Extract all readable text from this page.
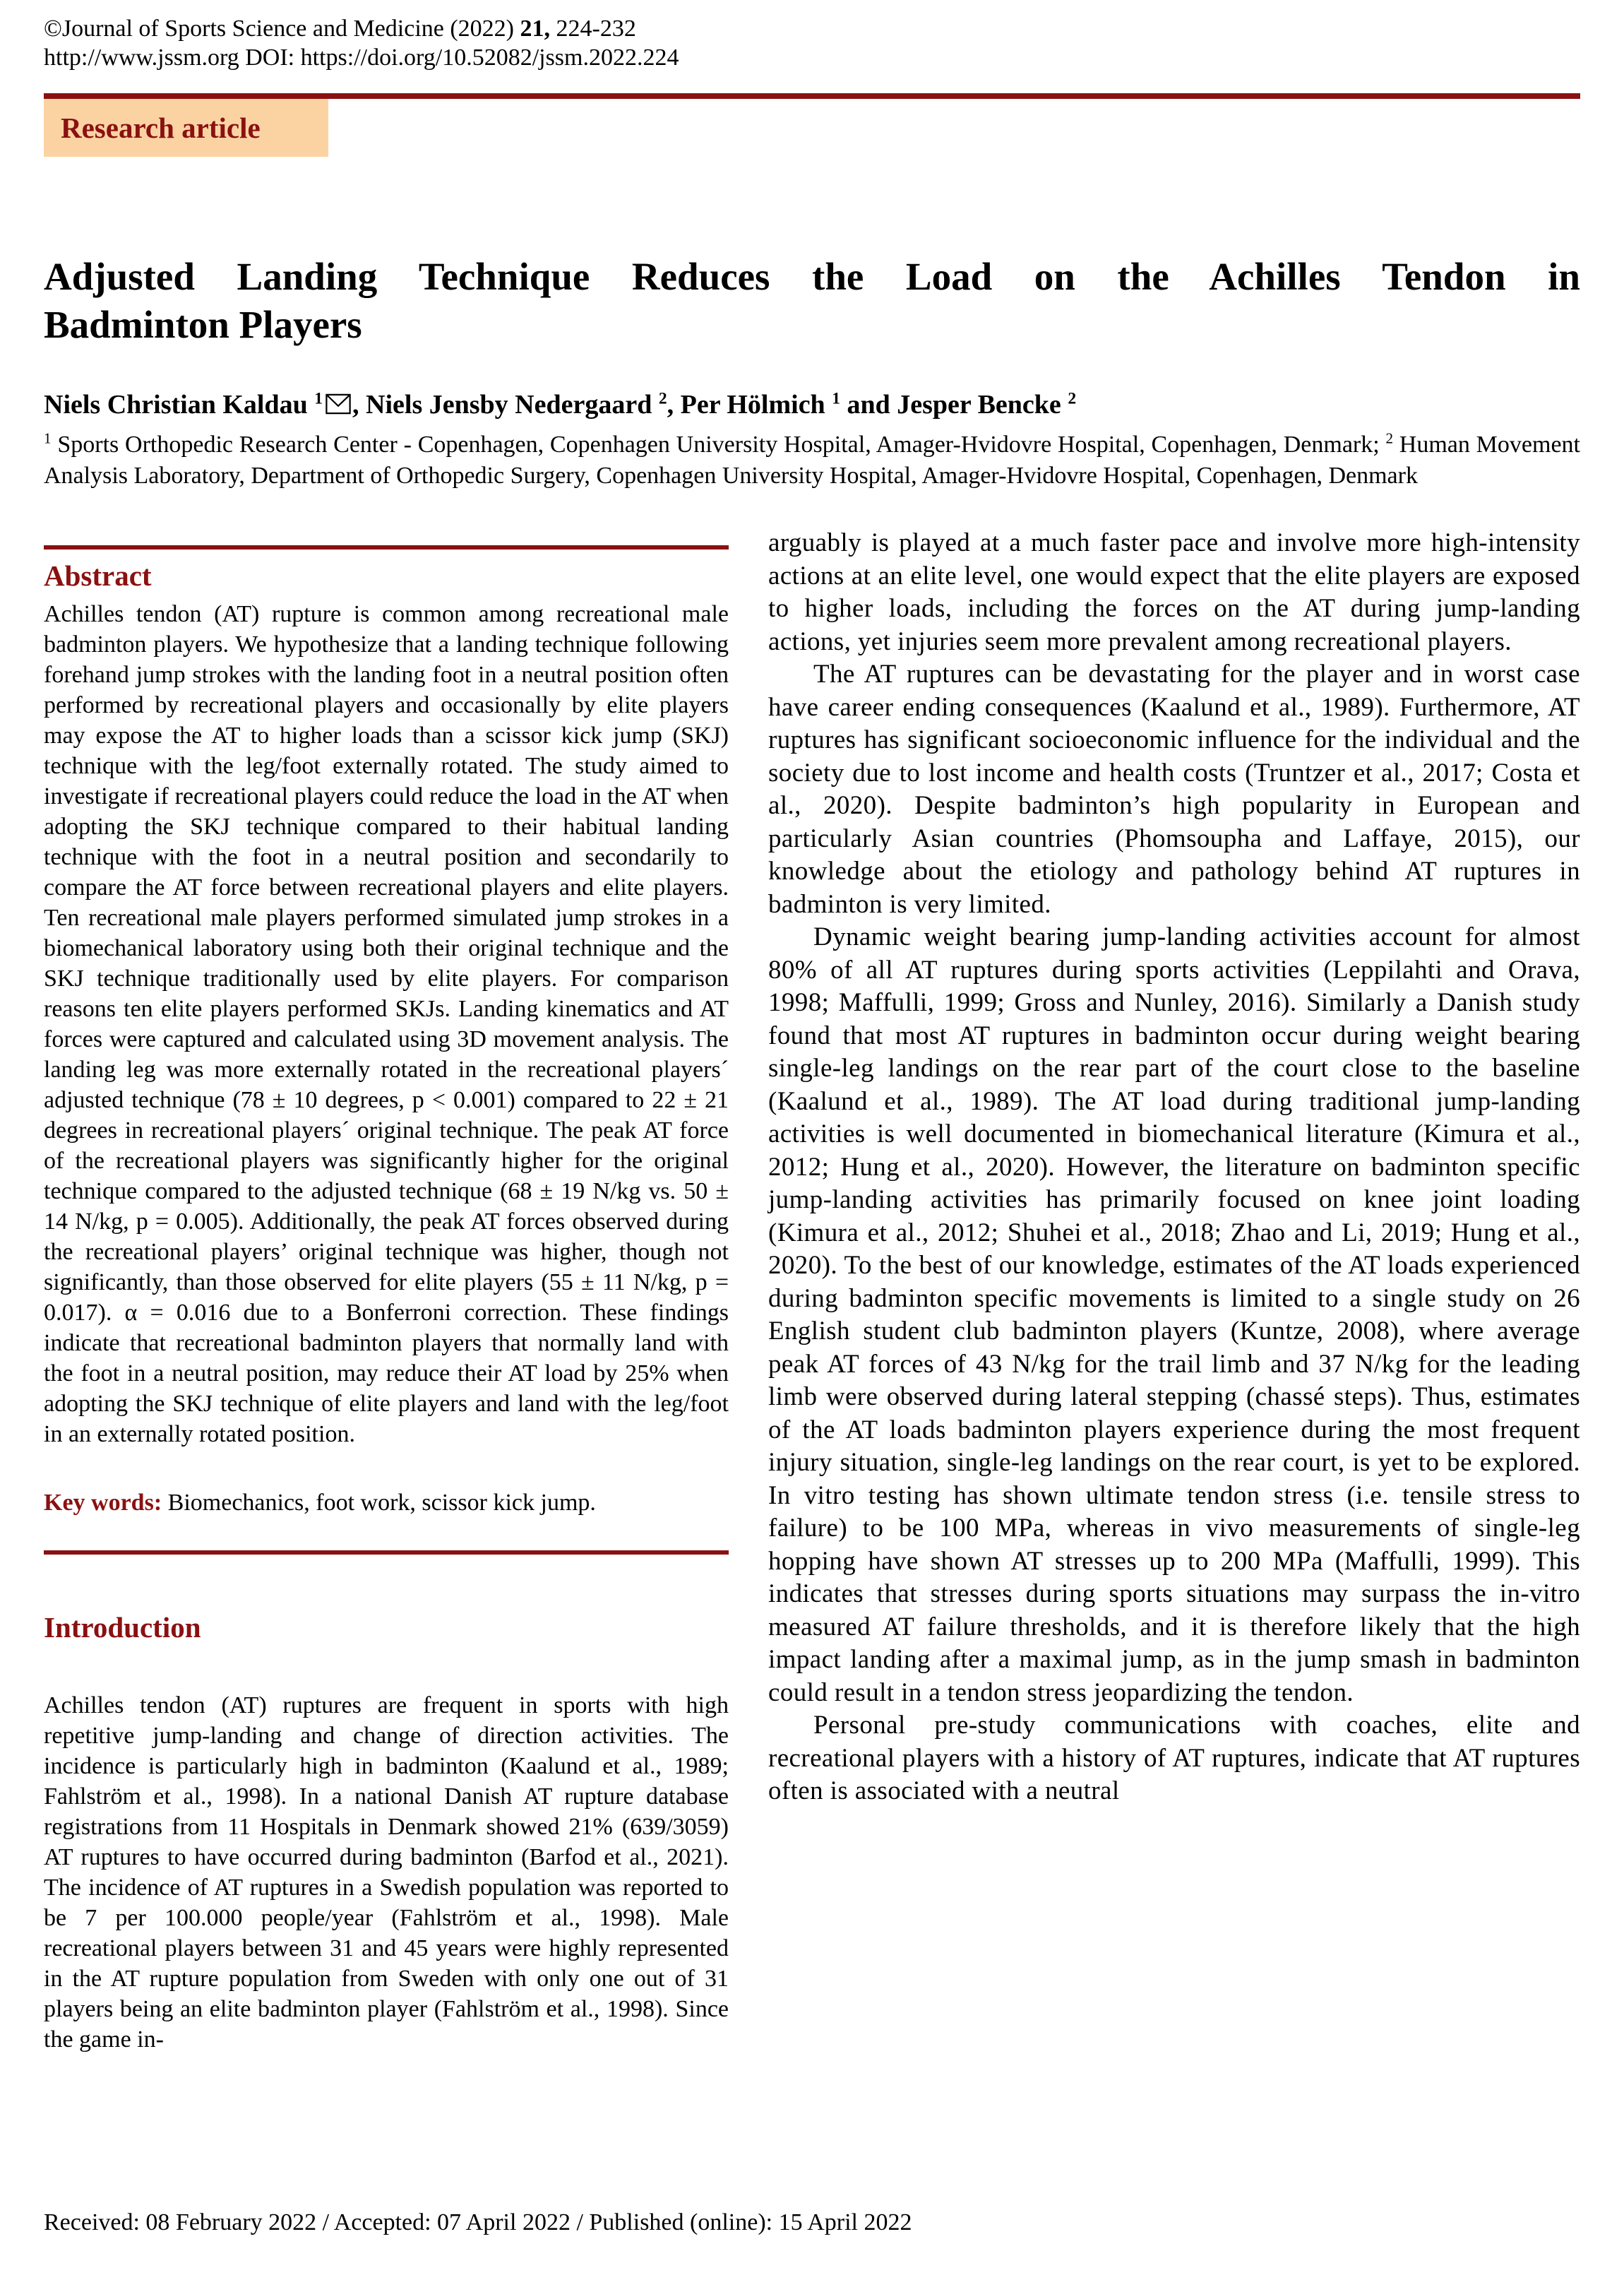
©Journal of Sports Science and Medicine (2022) 21, 224-232
http://www.jssm.org DOI: https://doi.org/10.52082/jssm.2022.224
Research article
Adjusted Landing Technique Reduces the Load on the Achilles Tendon in
Badminton Players
Niels Christian Kaldau $^1$ , Niels Jensby Nedergaard $^2$, Per Hölmich $^1$ and Jesper Bencke $^2$
$^1$ Sports Orthopedic Research Center - Copenhagen, Copenhagen University Hospital, Amager-Hvidovre Hospital, Copenhagen, Denmark; $^2$ Human Movement Analysis Laboratory, Department of Orthopedic Surgery, Copenhagen University Hospital, Amager-Hvidovre Hospital, Copenhagen, Denmark
Abstract

Achilles tendon (AT) rupture is common among recreational male badminton players. We hypothesize that a landing technique following forehand jump strokes with the landing foot in a neutral position often performed by recreational players and occasionally by elite players may expose the AT to higher loads than a scissor kick jump (SKJ) technique with the leg/foot externally rotated. The study aimed to investigate if recreational players could reduce the load in the AT when adopting the SKJ technique compared to their habitual landing technique with the foot in a neutral position and secondarily to compare the AT force between recreational players and elite players. Ten recreational male players performed simulated jump strokes in a biomechanical laboratory using both their original technique and the SKJ technique traditionally used by elite players. For comparison reasons ten elite players performed SKJs. Landing kinematics and AT forces were captured and calculated using 3D movement analysis. The landing leg was more externally rotated in the recreational players´ adjusted technique (78 ± 10 degrees, p < 0.001) compared to 22 ± 21 degrees in recreational players´ original technique. The peak AT force of the recreational players was significantly higher for the original technique compared to the adjusted technique (68 ± 19 N/kg vs. 50 ± 14 N/kg, p = 0.005). Additionally, the peak AT forces observed during the recreational players’ original technique was higher, though not significantly, than those observed for elite players (55 ± 11 N/kg, p = 0.017). α = 0.016 due to a Bonferroni correction. These findings indicate that recreational badminton players that normally land with the foot in a neutral position, may reduce their AT load by 25% when adopting the SKJ technique of elite players and land with the leg/foot in an externally rotated position.

Key words: Biomechanics, foot work, scissor kick jump.

Introduction

Achilles tendon (AT) ruptures are frequent in sports with high repetitive jump-landing and change of direction activities. The incidence is particularly high in badminton (Kaalund et al., 1989; Fahlström et al., 1998). In a national Danish AT rupture database registrations from 11 Hospitals in Denmark showed 21% (639/3059) AT ruptures to have occurred during badminton (Barfod et al., 2021). The incidence of AT ruptures in a Swedish population was reported to be 7 per 100.000 people/year (Fahlström et al., 1998). Male recreational players between 31 and 45 years were highly represented in the AT rupture population from Sweden with only one out of 31 players being an elite badminton player (Fahlström et al., 1998). Since the game in-

arguably is played at a much faster pace and involve more high-intensity actions at an elite level, one would expect that the elite players are exposed to higher loads, including the forces on the AT during jump-landing actions, yet injuries seem more prevalent among recreational players.

The AT ruptures can be devastating for the player and in worst case have career ending consequences (Kaalund et al., 1989). Furthermore, AT ruptures has significant socioeconomic influence for the individual and the society due to lost income and health costs (Truntzer et al., 2017; Costa et al., 2020). Despite badminton’s high popularity in European and particularly Asian countries (Phomsoupha and Laffaye, 2015), our knowledge about the etiology and pathology behind AT ruptures in badminton is very limited.

Dynamic weight bearing jump-landing activities account for almost 80% of all AT ruptures during sports activities (Leppilahti and Orava, 1998; Maffulli, 1999; Gross and Nunley, 2016). Similarly a Danish study found that most AT ruptures in badminton occur during weight bearing single-leg landings on the rear part of the court close to the baseline (Kaalund et al., 1989). The AT load during traditional jump-landing activities is well documented in biomechanical literature (Kimura et al., 2012; Hung et al., 2020). However, the literature on badminton specific jump-landing activities has primarily focused on knee joint loading (Kimura et al., 2012; Shuhei et al., 2018; Zhao and Li, 2019; Hung et al., 2020). To the best of our knowledge, estimates of the AT loads experienced during badminton specific movements is limited to a single study on 26 English student club badminton players (Kuntze, 2008), where average peak AT forces of 43 N/kg for the trail limb and 37 N/kg for the leading limb were observed during lateral stepping (chassé steps). Thus, estimates of the AT loads badminton players experience during the most frequent injury situation, single-leg landings on the rear court, is yet to be explored. In vitro testing has shown ultimate tendon stress (i.e. tensile stress to failure) to be 100 MPa, whereas in vivo measurements of single-leg hopping have shown AT stresses up to 200 MPa (Maffulli, 1999). This indicates that stresses during sports situations may surpass the in-vitro measured AT failure thresholds, and it is therefore likely that the high impact landing after a maximal jump, as in the jump smash in badminton could result in a tendon stress jeopardizing the tendon.

Personal pre-study communications with coaches, elite and recreational players with a history of AT ruptures, indicate that AT ruptures often is associated with a neutral

Received: 08 February 2022 / Accepted: 07 April 2022 / Published (online): 15 April 2022
